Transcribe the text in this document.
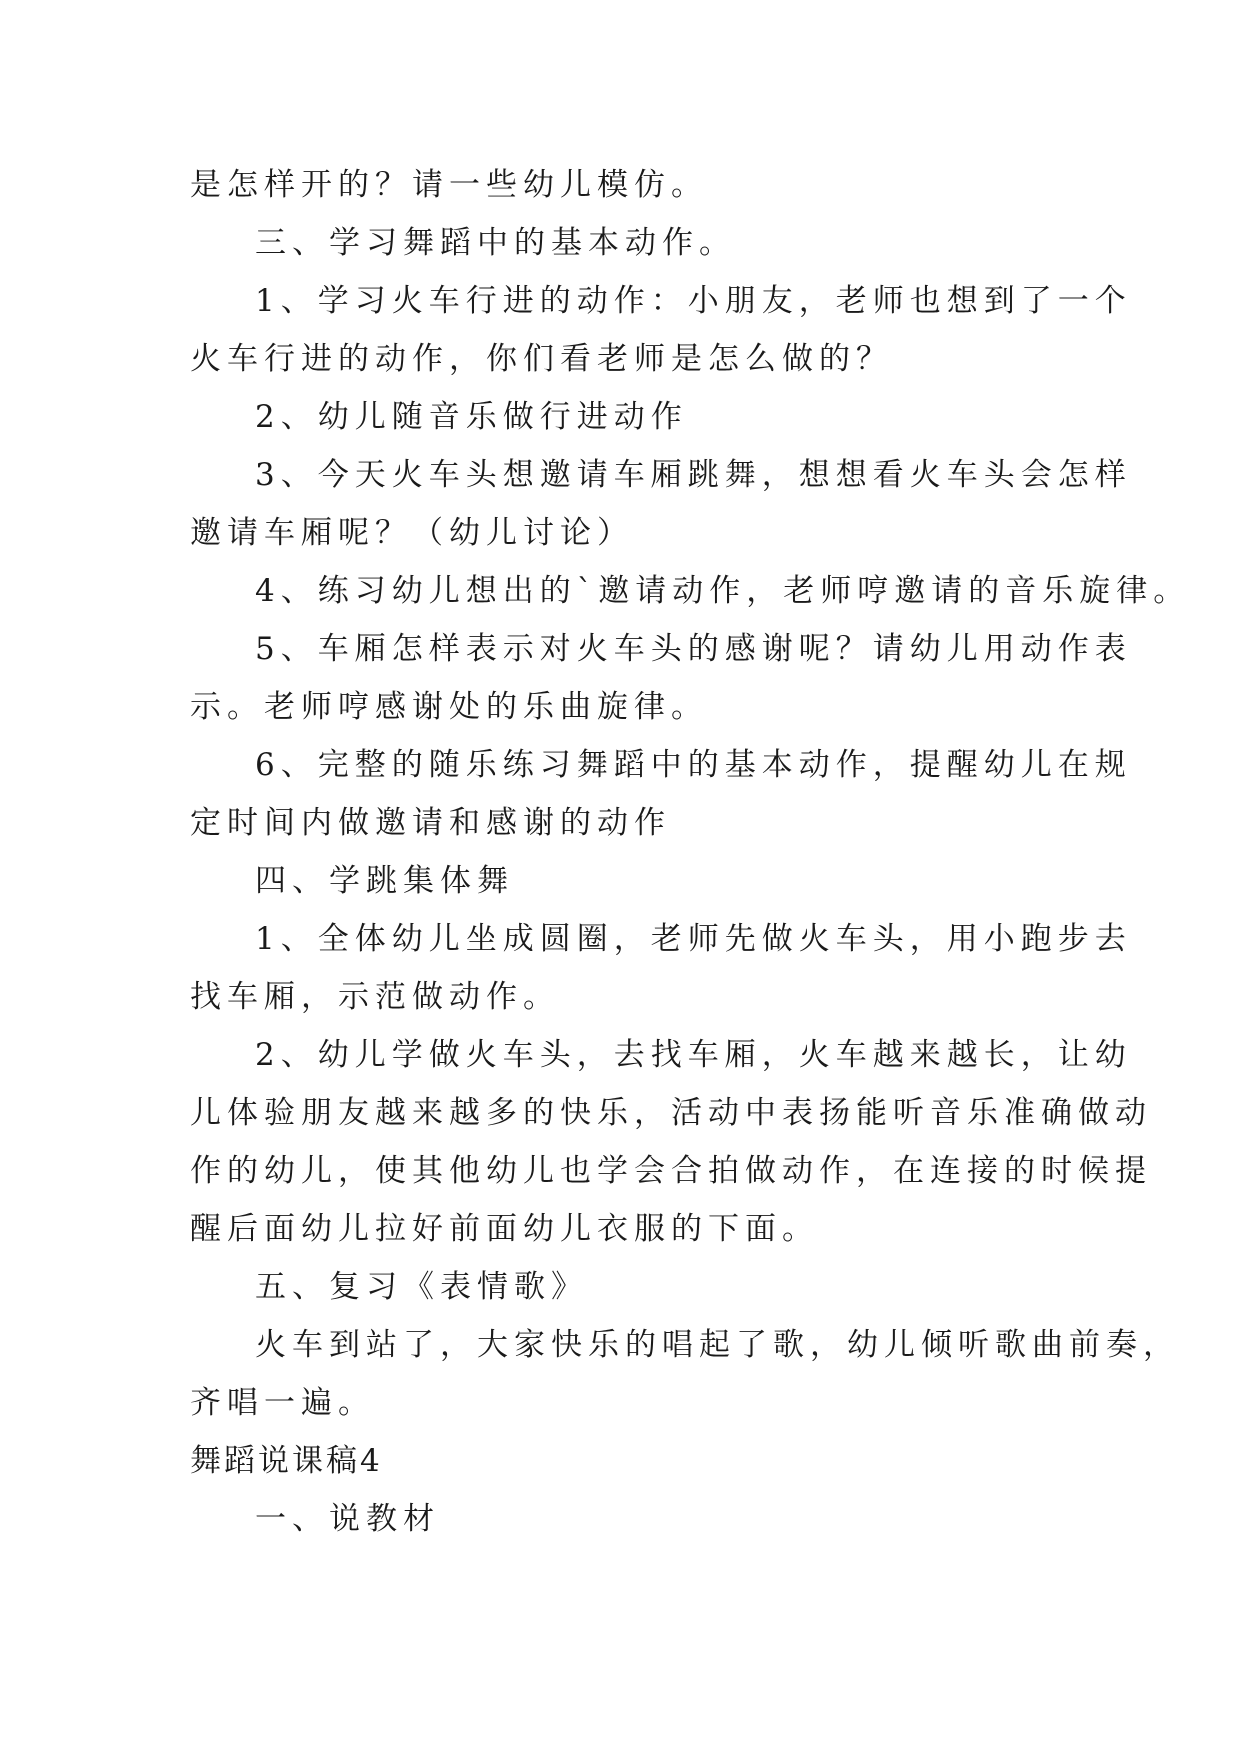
是怎样开的？请一些幼儿模仿。
三、学习舞蹈中的基本动作。
1、学习火车行进的动作：小朋友，老师也想到了一个
火车行进的动作，你们看老师是怎么做的？
2、幼儿随音乐做行进动作
3、今天火车头想邀请车厢跳舞，想想看火车头会怎样
邀请车厢呢？（幼儿讨论）
4、练习幼儿想出的`邀请动作，老师哼邀请的音乐旋律。
5、车厢怎样表示对火车头的感谢呢？请幼儿用动作表
示。老师哼感谢处的乐曲旋律。
6、完整的随乐练习舞蹈中的基本动作，提醒幼儿在规
定时间内做邀请和感谢的动作
四、学跳集体舞
1、全体幼儿坐成圆圈，老师先做火车头，用小跑步去
找车厢，示范做动作。
2、幼儿学做火车头，去找车厢，火车越来越长，让幼
儿体验朋友越来越多的快乐，活动中表扬能听音乐准确做动
作的幼儿，使其他幼儿也学会合拍做动作，在连接的时候提
醒后面幼儿拉好前面幼儿衣服的下面。
五、复习《表情歌》
火车到站了，大家快乐的唱起了歌，幼儿倾听歌曲前奏，
齐唱一遍。
舞蹈说课稿4
一、说教材
